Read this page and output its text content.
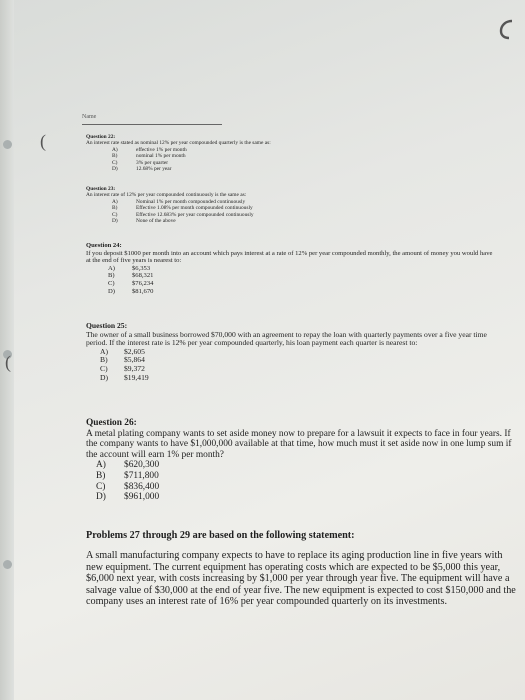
Name
(
(
Question 22:
An interest rate stated as nominal 12% per year compounded quarterly is the same as:
A)	effective 1% per month
B)	nominal 1% per month
C)	3% per quarter
D)	12.68% per year
Question 23:
An interest rate of 12% per year compounded continuously is the same as:
A)	Nominal 1% per month compounded continuously
B)	Effective 1.08% per month compounded continuously
C)	Effective 12.683% per year compounded continuously
D)	None of the above
Question 24:
If you deposit $1000 per month into an account which pays interest at a rate of 12% per year compounded monthly, the amount of money you would have at the end of five years is nearest to:
A)	$6,353
B)	$68,321
C)	$76,234
D)	$81,670
Question 25:
The owner of a small business borrowed $70,000 with an agreement to repay the loan with quarterly payments over a five year time period. If the interest rate is 12% per year compounded quarterly, his loan payment each quarter is nearest to:
A)	$2,605
B)	$5,864
C)	$9,372
D)	$19,419
Question 26:
A metal plating company wants to set aside money now to prepare for a lawsuit it expects to face in four years. If the company wants to have $1,000,000 available at that time, how much must it set aside now in one lump sum if the account will earn 1% per month?
A)	$620,300
B)	$711,800
C)	$836,400
D)	$961,000
Problems 27 through 29 are based on the following statement:
A small manufacturing company expects to have to replace its aging production line in five years with new equipment. The current equipment has operating costs which are expected to be $5,000 this year, $6,000 next year, with costs increasing by $1,000 per year through year five. The equipment will have a salvage value of $30,000 at the end of year five. The new equipment is expected to cost $150,000 and the company uses an interest rate of 16% per year compounded quarterly on its investments.
